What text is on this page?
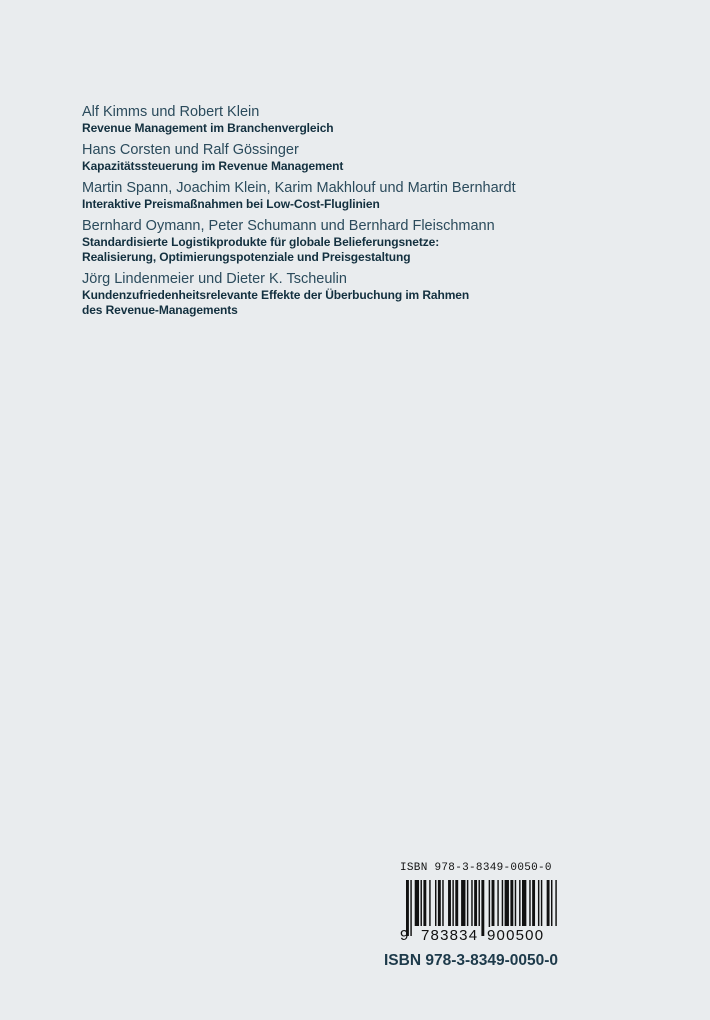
Alf Kimms und Robert Klein
Revenue Management im Branchenvergleich
Hans Corsten und Ralf Gössinger
Kapazitätssteuerung im Revenue Management
Martin Spann, Joachim Klein, Karim Makhlouf und Martin Bernhardt
Interaktive Preismaßnahmen bei Low-Cost-Fluglinien
Bernhard Oymann, Peter Schumann und Bernhard Fleischmann
Standardisierte Logistikprodukte für globale Belieferungsnetze:
Realisierung, Optimierungspotenziale und Preisgestaltung
Jörg Lindenmeier und Dieter K. Tscheulin
Kundenzufriedenheitsrelevante Effekte der Überbuchung im Rahmen
des Revenue-Managements
ISBN 978-3-8349-0050-0
9 783834 900500
ISBN 978-3-8349-0050-0
